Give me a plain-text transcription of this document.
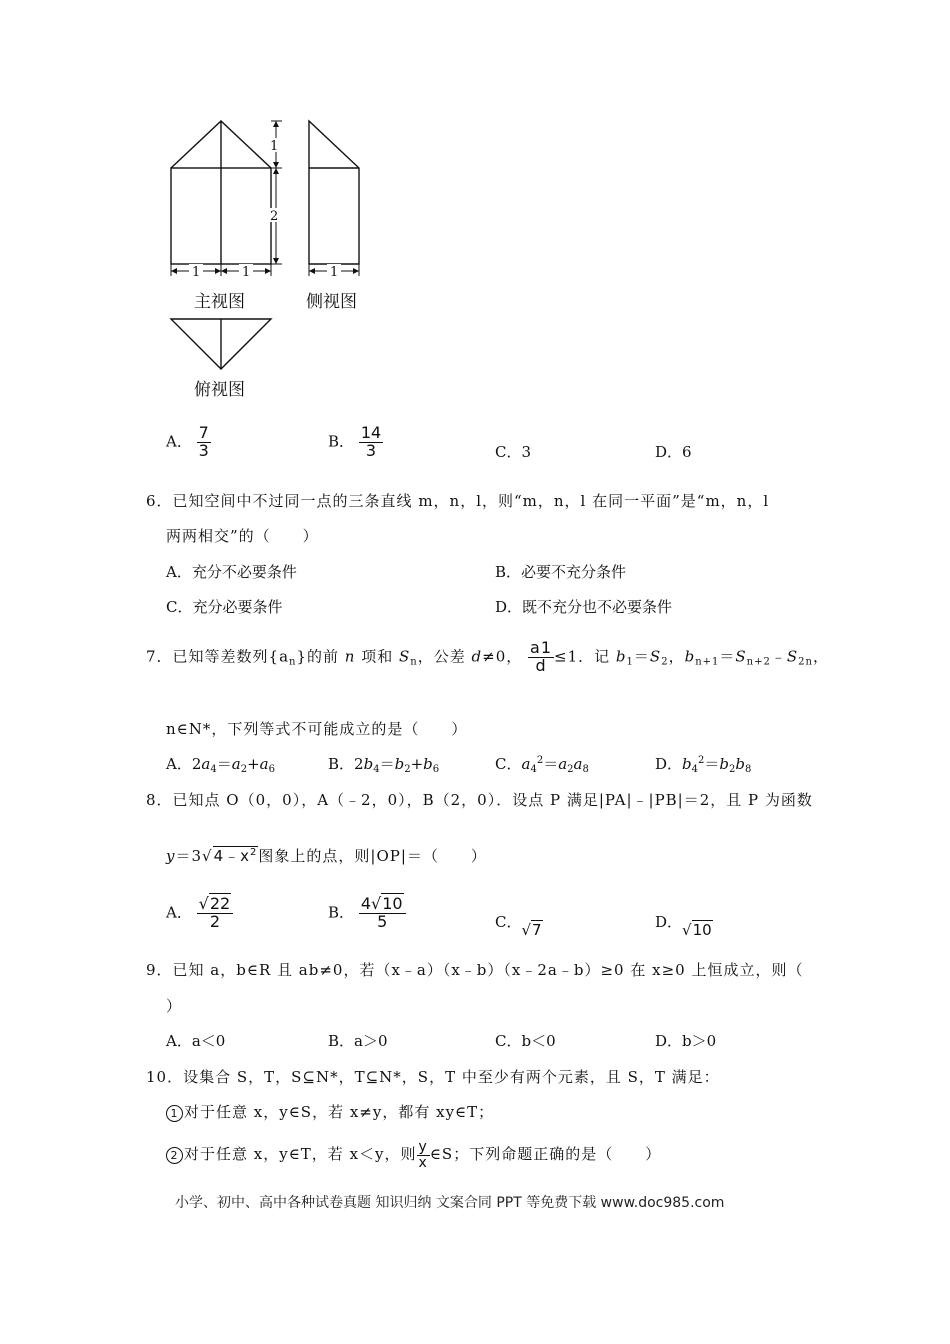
1
2
1	1	1
主视图	侧视图
俯视图
A． $\frac{7}{3}$	B． $\frac{14}{3}$	C．3	D．6
6．已知空间中不过同一点的三条直线 m，n，l，则“m，n，l 在同一平面”是“m，n，l
两两相交”的（　　）
A．充分不必要条件	B．必要不充分条件
C．充分必要条件	D．既不充分也不必要条件
7．已知等差数列$\{a_n\}$的前 n 项和 $S_n$，公差 d≠0， $\frac{a1}{d} \le 1$．记 $b_1=S_2$，$b_{n+1}=S_{n+2}﹣S_{2n}$，
n∈N*，下列等式不可能成立的是（　　）
A．$2a_4=a_2+a_6$	B．$2b_4=b_2+b_6$	C．$a_4^2=a_2a_8$	D．$b_4^2=b_2b_8$
8．已知点 O（0，0），A（﹣2，0），B（2，0）．设点 P 满足|PA|﹣|PB|＝2，且 P 为函数
$y=3√4﹣x^2$图象上的点，则|OP|＝（　　）
A． $\frac{√22}{2}$	B． $\frac{4√10}{5}$	C．√7	D．√10
9．已知 a，b∈R 且 ab≠0，若（x﹣a）（x﹣b）（x﹣2a﹣b）≥0 在 x≥0 上恒成立，则（
）
A．a＜0	B．a＞0	C．b＜0	D．b＞0
10．设集合 S，T，S⊆N*，T⊆N*，S，T 中至少有两个元素，且 S，T 满足：
1 对于任意 x，y∈S，若 x≠y，都有 xy∈T；
2 对于任意 x，y∈T，若 x＜y，则 $\frac{y}{x}$ ∈S；下列命题正确的是（　　）
小学、初中、高中各种试卷真题 知识归纳 文案合同 PPT 等免费下载 www.doc985.com
